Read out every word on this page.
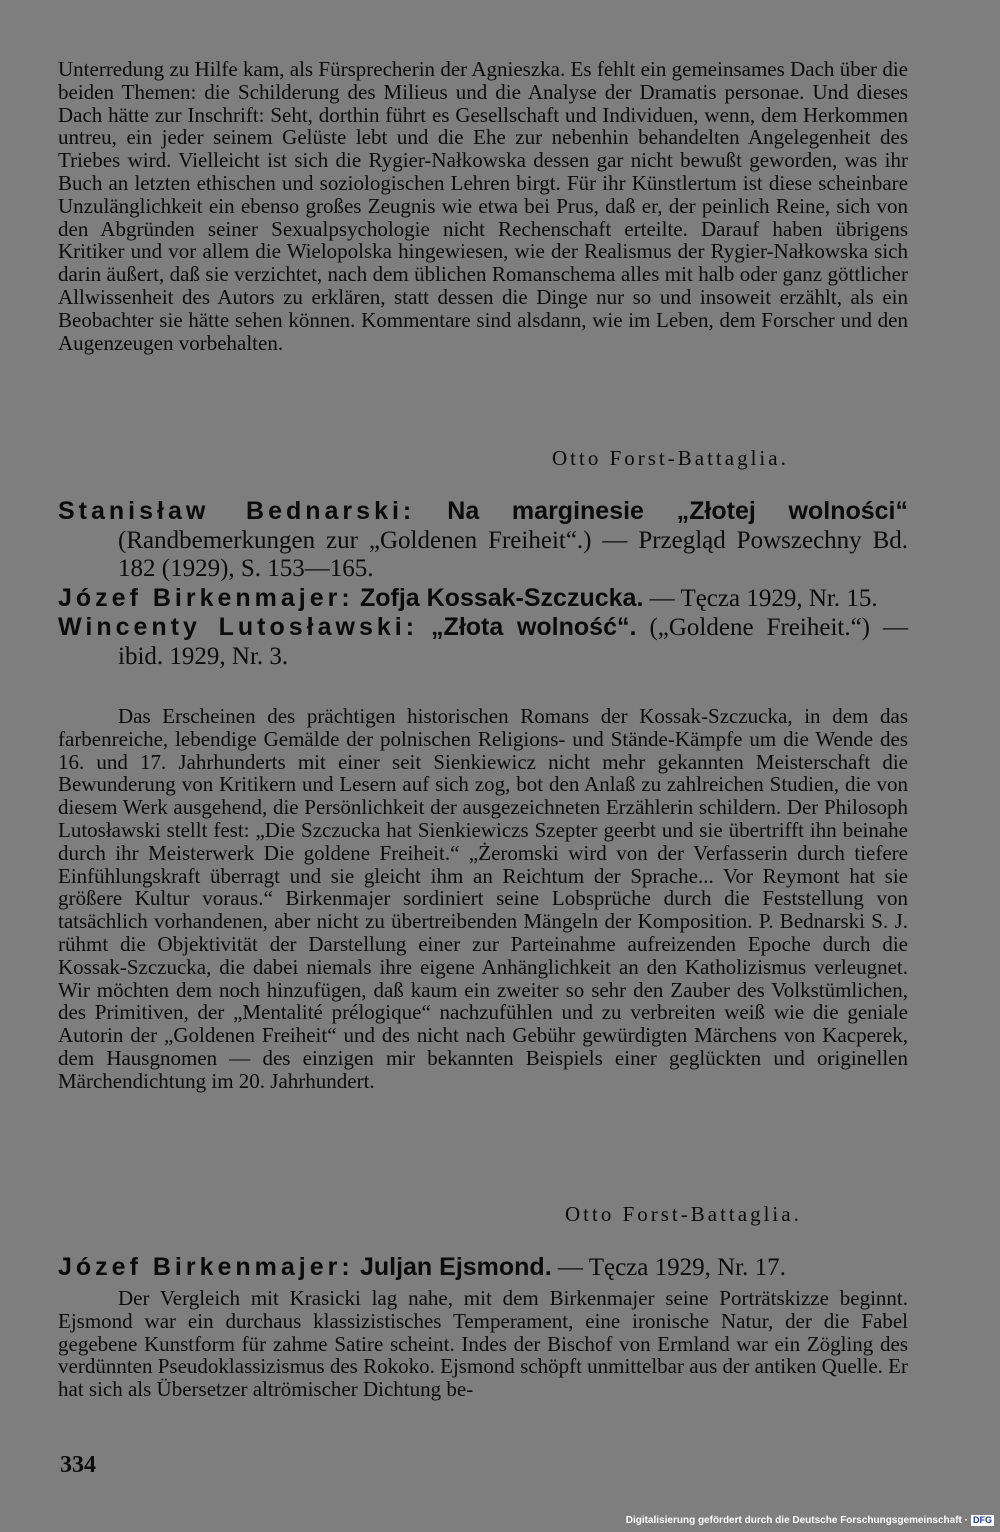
Unterredung zu Hilfe kam, als Fürsprecherin der Agnieszka. Es fehlt ein gemeinsames Dach über die beiden Themen: die Schilderung des Milieus und die Analyse der Dramatis personae. Und dieses Dach hätte zur Inschrift: Seht, dorthin führt es Gesellschaft und Individuen, wenn, dem Herkommen untreu, ein jeder seinem Gelüste lebt und die Ehe zur nebenhin behandelten Angelegenheit des Triebes wird. Vielleicht ist sich die Rygier-Nałkowska dessen gar nicht bewußt geworden, was ihr Buch an letzten ethischen und soziologischen Lehren birgt. Für ihr Künstlertum ist diese scheinbare Unzulänglichkeit ein ebenso großes Zeugnis wie etwa bei Prus, daß er, der peinlich Reine, sich von den Abgründen seiner Sexualpsychologie nicht Rechenschaft erteilte. Darauf haben übrigens Kritiker und vor allem die Wielopolska hingewiesen, wie der Realismus der Rygier-Nałkowska sich darin äußert, daß sie verzichtet, nach dem üblichen Romanschema alles mit halb oder ganz göttlicher Allwissenheit des Autors zu erklären, statt dessen die Dinge nur so und insoweit erzählt, als ein Beobachter sie hätte sehen können. Kommentare sind alsdann, wie im Leben, dem Forscher und den Augenzeugen vorbehalten.

Otto Forst-Battaglia.

Stanisław Bednarski: Na marginesie „Złotej wolności“ (Randbemerkungen zur „Goldenen Freiheit“.) — Przegląd Powszechny Bd. 182 (1929), S. 153—165.

Józef Birkenmajer: Zofja Kossak-Szczucka. — Tęcza 1929, Nr. 15.

Wincenty Lutosławski: „Złota wolność“. („Goldene Freiheit.“) — ibid. 1929, Nr. 3.

Das Erscheinen des prächtigen historischen Romans der Kossak-Szczucka, in dem das farbenreiche, lebendige Gemälde der polnischen Religions- und Stände-Kämpfe um die Wende des 16. und 17. Jahrhunderts mit einer seit Sienkiewicz nicht mehr gekannten Meisterschaft die Bewunderung von Kritikern und Lesern auf sich zog, bot den Anlaß zu zahlreichen Studien, die von diesem Werk ausgehend, die Persönlichkeit der ausgezeichneten Erzählerin schildern. Der Philosoph Lutosławski stellt fest: „Die Szczucka hat Sienkiewiczs Szepter geerbt und sie übertrifft ihn beinahe durch ihr Meisterwerk Die goldene Freiheit.“ „Żeromski wird von der Verfasserin durch tiefere Einfühlungskraft überragt und sie gleicht ihm an Reichtum der Sprache... Vor Reymont hat sie größere Kultur voraus.“ Birkenmajer sordiniert seine Lobsprüche durch die Feststellung von tatsächlich vorhandenen, aber nicht zu übertreibenden Mängeln der Komposition. P. Bednarski S. J. rühmt die Objektivität der Darstellung einer zur Parteinahme aufreizenden Epoche durch die Kossak-Szczucka, die dabei niemals ihre eigene Anhänglichkeit an den Katholizismus verleugnet. Wir möchten dem noch hinzufügen, daß kaum ein zweiter so sehr den Zauber des Volkstümlichen, des Primitiven, der „Mentalité prélogique“ nachzufühlen und zu verbreiten weiß wie die geniale Autorin der „Goldenen Freiheit“ und des nicht nach Gebühr gewürdigten Märchens von Kacperek, dem Hausgnomen — des einzigen mir bekannten Beispiels einer geglückten und originellen Märchendichtung im 20. Jahrhundert.

Otto Forst-Battaglia.

Józef Birkenmajer: Juljan Ejsmond. — Tęcza 1929, Nr. 17.

Der Vergleich mit Krasicki lag nahe, mit dem Birkenmajer seine Porträtskizze beginnt. Ejsmond war ein durchaus klassizistisches Temperament, eine ironische Natur, der die Fabel gegebene Kunstform für zahme Satire scheint. Indes der Bischof von Ermland war ein Zögling des verdünnten Pseudoklassizismus des Rokoko. Ejsmond schöpft unmittelbar aus der antiken Quelle. Er hat sich als Übersetzer altrömischer Dichtung be-

334
Digitalisierung gefördert durch die Deutsche Forschungsgemeinschaft · DFG
